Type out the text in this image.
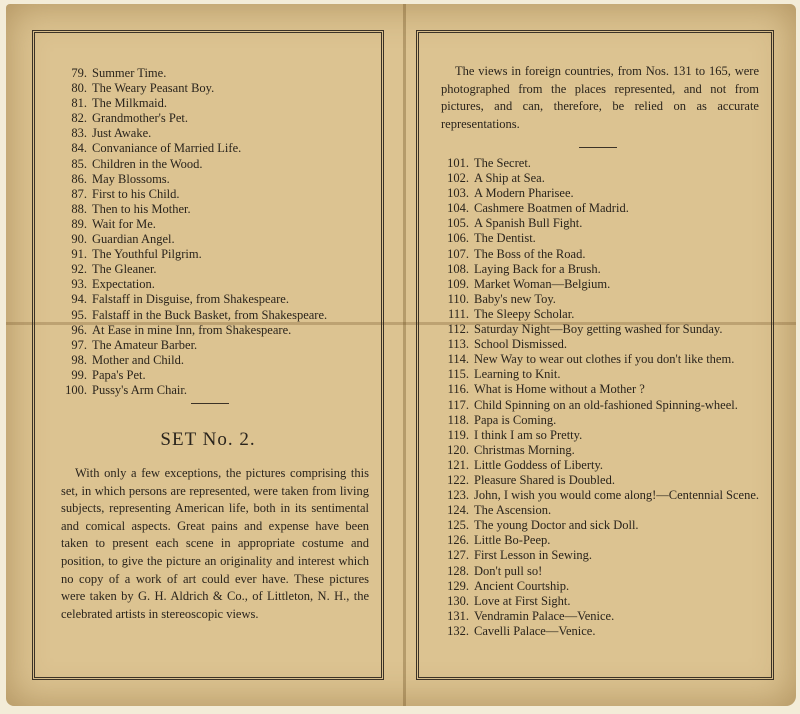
79. Summer Time.
80. The Weary Peasant Boy.
81. The Milkmaid.
82. Grandmother's Pet.
83. Just Awake.
84. Convaniance of Married Life.
85. Children in the Wood.
86. May Blossoms.
87. First to his Child.
88. Then to his Mother.
89. Wait for Me.
90. Guardian Angel.
91. The Youthful Pilgrim.
92. The Gleaner.
93. Expectation.
94. Falstaff in Disguise, from Shakespeare.
95. Falstaff in the Buck Basket, from Shakespeare.
96. At Ease in mine Inn, from Shakespeare.
97. The Amateur Barber.
98. Mother and Child.
99. Papa's Pet.
100. Pussy's Arm Chair.
SET No. 2.

With only a few exceptions, the pictures comprising this set, in which persons are represented, were taken from living subjects, representing American life, both in its sentimental and comical aspects. Great pains and expense have been taken to present each scene in appropriate costume and position, to give the picture an originality and interest which no copy of a work of art could ever have. These pictures were taken by G. H. Aldrich & Co., of Littleton, N. H., the celebrated artists in stereoscopic views.

The views in foreign countries, from Nos. 131 to 165, were photographed from the places represented, and not from pictures, and can, therefore, be relied on as accurate representations.

101. The Secret.
102. A Ship at Sea.
103. A Modern Pharisee.
104. Cashmere Boatmen of Madrid.
105. A Spanish Bull Fight.
106. The Dentist.
107. The Boss of the Road.
108. Laying Back for a Brush.
109. Market Woman—Belgium.
110. Baby's new Toy.
111. The Sleepy Scholar.
112. Saturday Night—Boy getting washed for Sunday.
113. School Dismissed.
114. New Way to wear out clothes if you don't like them.
115. Learning to Knit.
116. What is Home without a Mother ?
117. Child Spinning on an old-fashioned Spinning-wheel.
118. Papa is Coming.
119. I think I am so Pretty.
120. Christmas Morning.
121. Little Goddess of Liberty.
122. Pleasure Shared is Doubled.
123. John, I wish you would come along!—Centennial Scene.
124. The Ascension.
125. The young Doctor and sick Doll.
126. Little Bo-Peep.
127. First Lesson in Sewing.
128. Don't pull so!
129. Ancient Courtship.
130. Love at First Sight.
131. Vendramin Palace—Venice.
132. Cavelli Palace—Venice.
